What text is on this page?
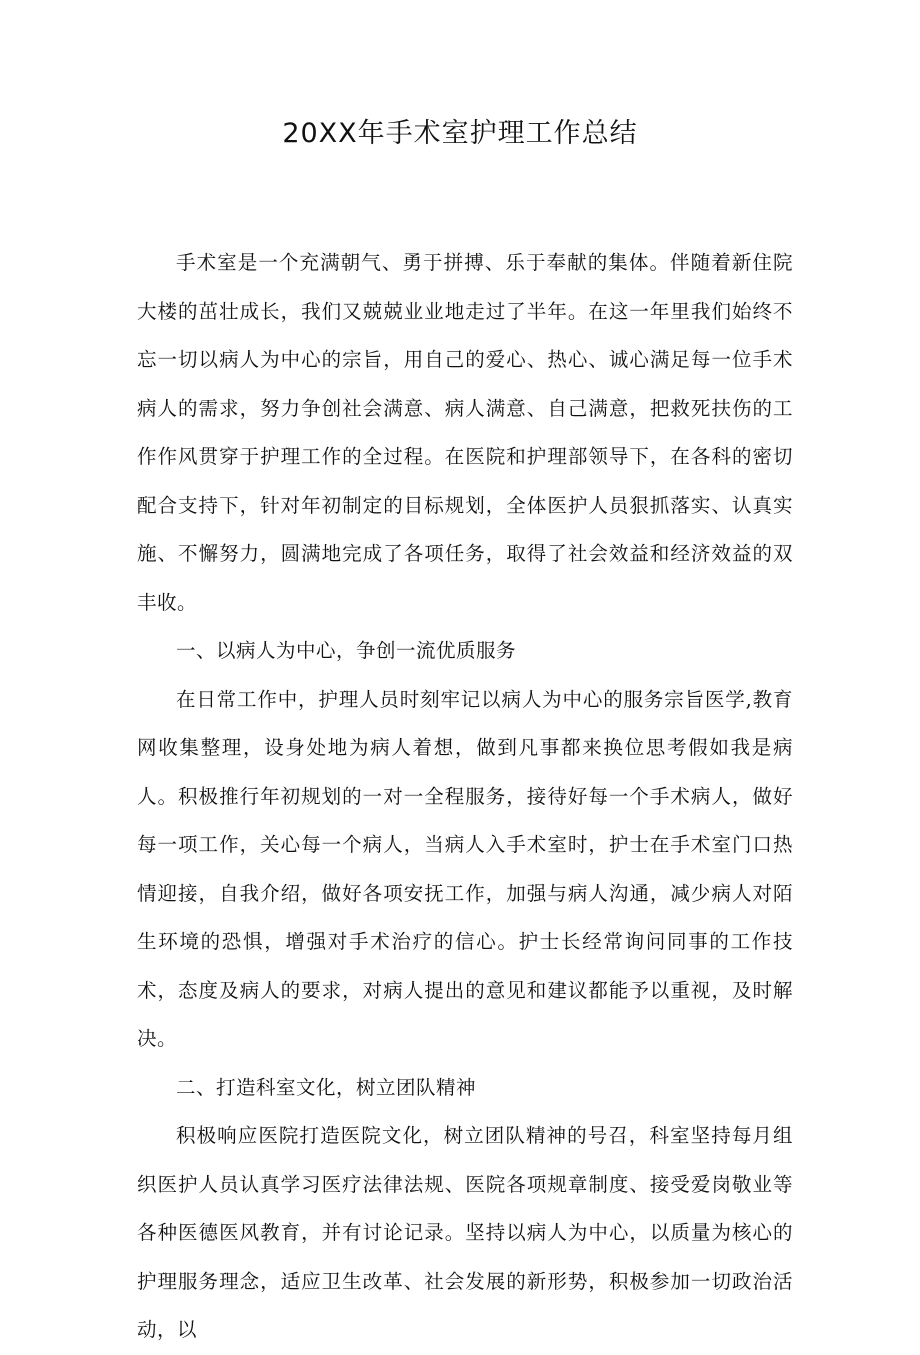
20XX年手术室护理工作总结

手术室是一个充满朝气、勇于拼搏、乐于奉献的集体。伴随着新住院大楼的茁壮成长，我们又兢兢业业地走过了半年。在这一年里我们始终不忘一切以病人为中心的宗旨，用自己的爱心、热心、诚心满足每一位手术病人的需求，努力争创社会满意、病人满意、自己满意，把救死扶伤的工作作风贯穿于护理工作的全过程。在医院和护理部领导下，在各科的密切配合支持下，针对年初制定的目标规划，全体医护人员狠抓落实、认真实施、不懈努力，圆满地完成了各项任务，取得了社会效益和经济效益的双丰收。

一、以病人为中心，争创一流优质服务

在日常工作中，护理人员时刻牢记以病人为中心的服务宗旨医学,教育网收集整理，设身处地为病人着想，做到凡事都来换位思考假如我是病人。积极推行年初规划的一对一全程服务，接待好每一个手术病人，做好每一项工作，关心每一个病人，当病人入手术室时，护士在手术室门口热情迎接，自我介绍，做好各项安抚工作，加强与病人沟通，减少病人对陌生环境的恐惧，增强对手术治疗的信心。护士长经常询问同事的工作技术，态度及病人的要求，对病人提出的意见和建议都能予以重视，及时解决。

二、打造科室文化，树立团队精神

积极响应医院打造医院文化，树立团队精神的号召，科室坚持每月组织医护人员认真学习医疗法律法规、医院各项规章制度、接受爱岗敬业等各种医德医风教育，并有讨论记录。坚持以病人为中心，以质量为核心的护理服务理念，适应卫生改革、社会发展的新形势，积极参加一切政治活动，以
